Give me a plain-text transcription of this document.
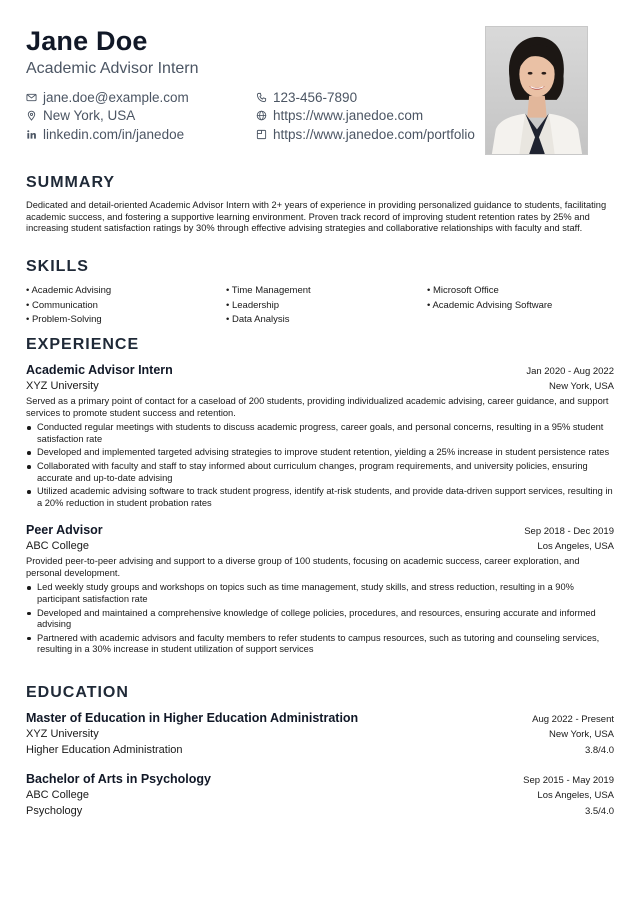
Jane Doe
Academic Advisor Intern
jane.doe@example.com
New York, USA
linkedin.com/in/janedoe
123-456-7890
https://www.janedoe.com
https://www.janedoe.com/portfolio
SUMMARY

Dedicated and detail-oriented Academic Advisor Intern with 2+ years of experience in providing personalized guidance to students, facilitating academic success, and fostering a supportive learning environment. Proven track record of improving student retention rates by 25% and increasing student satisfaction ratings by 30% through effective advising strategies and collaborative relationships with faculty and staff.

SKILLS
• Academic Advising	• Time Management	• Microsoft Office
• Communication	• Leadership	• Academic Advising Software
• Problem-Solving	• Data Analysis
EXPERIENCE
Academic Advisor Intern	Jan 2020 - Aug 2022
XYZ University	New York, USA
Served as a primary point of contact for a caseload of 200 students, providing individualized academic advising, career guidance, and support services to promote student success and retention.
Conducted regular meetings with students to discuss academic progress, career goals, and personal concerns, resulting in a 95% student satisfaction rate
Developed and implemented targeted advising strategies to improve student retention, yielding a 25% increase in student persistence rates
Collaborated with faculty and staff to stay informed about curriculum changes, program requirements, and university policies, ensuring accurate and up-to-date advising
Utilized academic advising software to track student progress, identify at-risk students, and provide data-driven support services, resulting in a 20% reduction in student probation rates
Peer Advisor	Sep 2018 - Dec 2019
ABC College	Los Angeles, USA
Provided peer-to-peer advising and support to a diverse group of 100 students, focusing on academic success, career exploration, and personal development.
Led weekly study groups and workshops on topics such as time management, study skills, and stress reduction, resulting in a 90% participant satisfaction rate
Developed and maintained a comprehensive knowledge of college policies, procedures, and resources, ensuring accurate and informed advising
Partnered with academic advisors and faculty members to refer students to campus resources, such as tutoring and counseling services, resulting in a 30% increase in student utilization of support services
EDUCATION
Master of Education in Higher Education Administration	Aug 2022 - Present
XYZ University	New York, USA
Higher Education Administration	3.8/4.0
Bachelor of Arts in Psychology	Sep 2015 - May 2019
ABC College	Los Angeles, USA
Psychology	3.5/4.0
